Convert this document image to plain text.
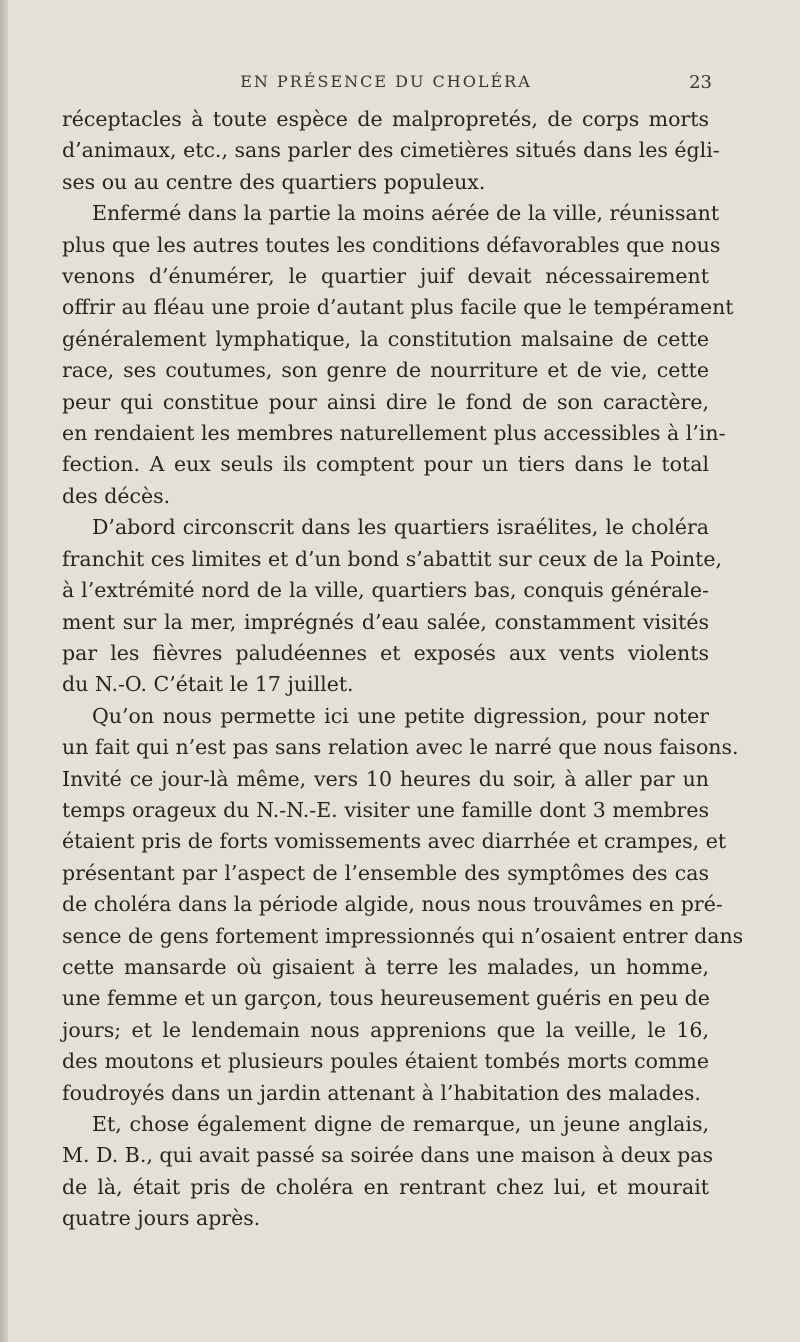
EN PRÉSENCE DU CHOLÉRA	23
réceptacles à toute espèce de malpropretés, de corps morts
d’animaux, etc., sans parler des cimetières situés dans les égli-
ses ou au centre des quartiers populeux.
Enfermé dans la partie la moins aérée de la ville, réunissant
plus que les autres toutes les conditions défavorables que nous
venons d’énumérer, le quartier juif devait nécessairement
offrir au fléau une proie d’autant plus facile que le tempérament
généralement lymphatique, la constitution malsaine de cette
race, ses coutumes, son genre de nourriture et de vie, cette
peur qui constitue pour ainsi dire le fond de son caractère,
en rendaient les membres naturellement plus accessibles à l’in-
fection. A eux seuls ils comptent pour un tiers dans le total
des décès.
D’abord circonscrit dans les quartiers israélites, le choléra
franchit ces limites et d’un bond s’abattit sur ceux de la Pointe,
à l’extrémité nord de la ville, quartiers bas, conquis générale-
ment sur la mer, imprégnés d’eau salée, constamment visités
par les fièvres paludéennes et exposés aux vents violents
du N.-O. C’était le 17 juillet.
Qu’on nous permette ici une petite digression, pour noter
un fait qui n’est pas sans relation avec le narré que nous faisons.
Invité ce jour-là même, vers 10 heures du soir, à aller par un
temps orageux du N.-N.-E. visiter une famille dont 3 membres
étaient pris de forts vomissements avec diarrhée et crampes, et
présentant par l’aspect de l’ensemble des symptômes des cas
de choléra dans la période algide, nous nous trouvâmes en pré-
sence de gens fortement impressionnés qui n’osaient entrer dans
cette mansarde où gisaient à terre les malades, un homme,
une femme et un garçon, tous heureusement guéris en peu de
jours; et le lendemain nous apprenions que la veille, le 16,
des moutons et plusieurs poules étaient tombés morts comme
foudroyés dans un jardin attenant à l’habitation des malades.
Et, chose également digne de remarque, un jeune anglais,
M. D. B., qui avait passé sa soirée dans une maison à deux pas
de là, était pris de choléra en rentrant chez lui, et mourait
quatre jours après.
